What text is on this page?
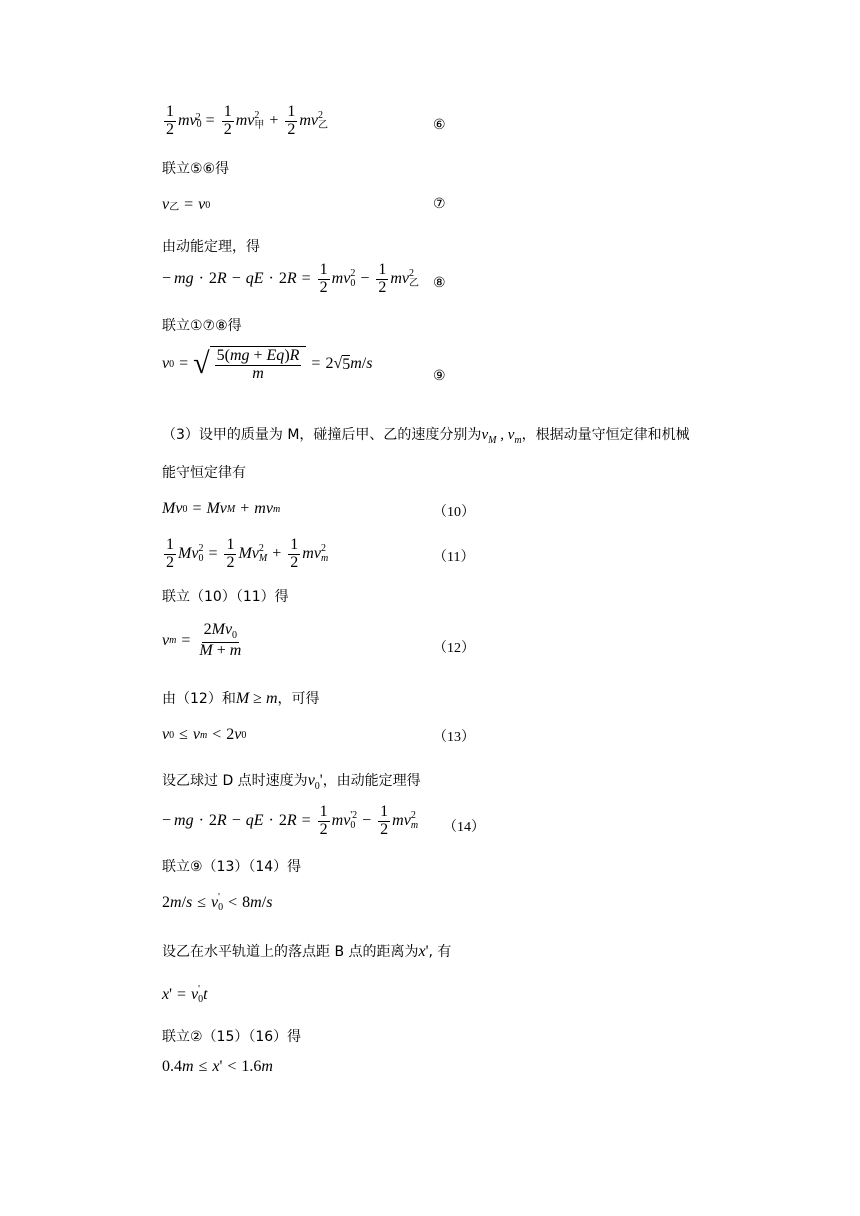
$\frac{1}{2}$ mv 0
$2 = \frac{1}{2}$ mv 2
甲 + $\frac{1}{2}$ mv 2
乙	⑥
联立⑤⑥得
v 乙 = v 0	⑦
由动能定理，得
− mg · 2 R − qE · 2 $R = \frac{1}{2}$ mv 2
$0 - \frac{1}{2}$ mv 2
乙 ⑧
联立①⑦⑧得
v 0 = √ $\frac{5(mg + Eq)R}{m} = 2$ √ 5 m / s
⑨
（3）设甲的质量为 M，碰撞后甲、乙的速度分别为$v_M$ , $v_m$，根据动量守恒定律和机械
能守恒定律有
Mv 0 = Mv M + mv m	（10）
$\frac{1}{2}$ Mv 2
$0 = \frac{1}{2}$ Mv 2
$M + \frac{1}{2}$ mv 2
m	（11）
联立（10）（11）得
v $m = \frac{2Mv_0}{M + m}$	（12）
由（12）和M ≥ m，可得
v 0 ≤ v m < 2 v 0	（13）
设乙球过 D 点时速度为$v_0'$，由动能定理得
− mg · 2 R − qE · 2 $R = \frac{1}{2}$ mv '2
$0 - \frac{1}{2}$ mv 2
m （14）
联立⑨（13）（14）得
2 m / s ≤ v '
0 < 8 m / s
设乙在水平轨道上的落点距 B 点的距离为x', 有
x ' = v '
0 t
联立②（15）（16）得
0.4 m ≤ x ' < 1.6 m
